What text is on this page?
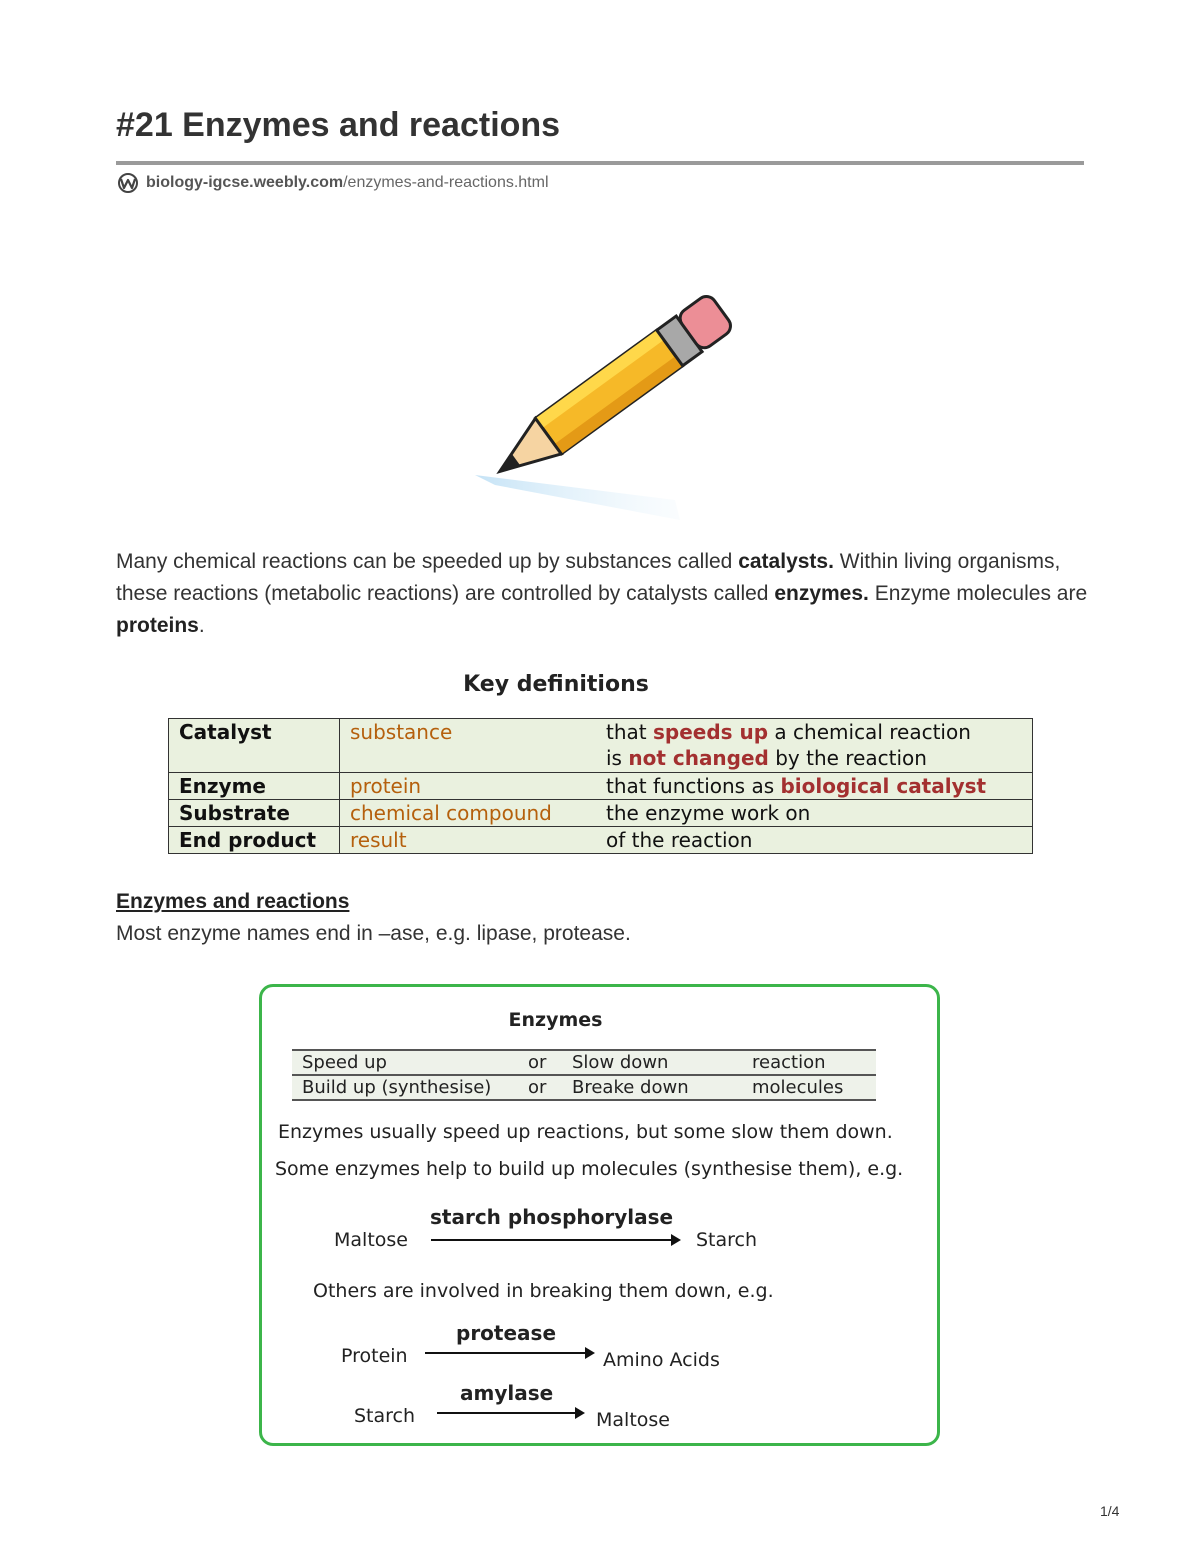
#21 Enzymes and reactions
biology-igcse.weebly.com /enzymes-and-reactions.html

Many chemical reactions can be speeded up by substances called catalysts. Within living organisms, these reactions (metabolic reactions) are controlled by catalysts called enzymes. Enzyme molecules are proteins.

Key definitions
Catalyst	substance	that speeds up a chemical reaction
is not changed by the reaction
Enzyme	protein	that functions as biological catalyst
Substrate	chemical compound	the enzyme work on
End product	result	of the reaction
Enzymes and reactions
Most enzyme names end in –ase, e.g. lipase, protease.
Enzymes
Speed up	or	Slow down	reaction
Build up (synthesise)	or	Breake down	molecules
Enzymes usually speed up reactions, but some slow them down.
Some enzymes help to build up molecules (synthesise them), e.g.
Maltose
starch phosphorylase
Starch
Others are involved in breaking them down, e.g.
Protein
protease
Amino Acids
Starch
amylase
Maltose
1/4
